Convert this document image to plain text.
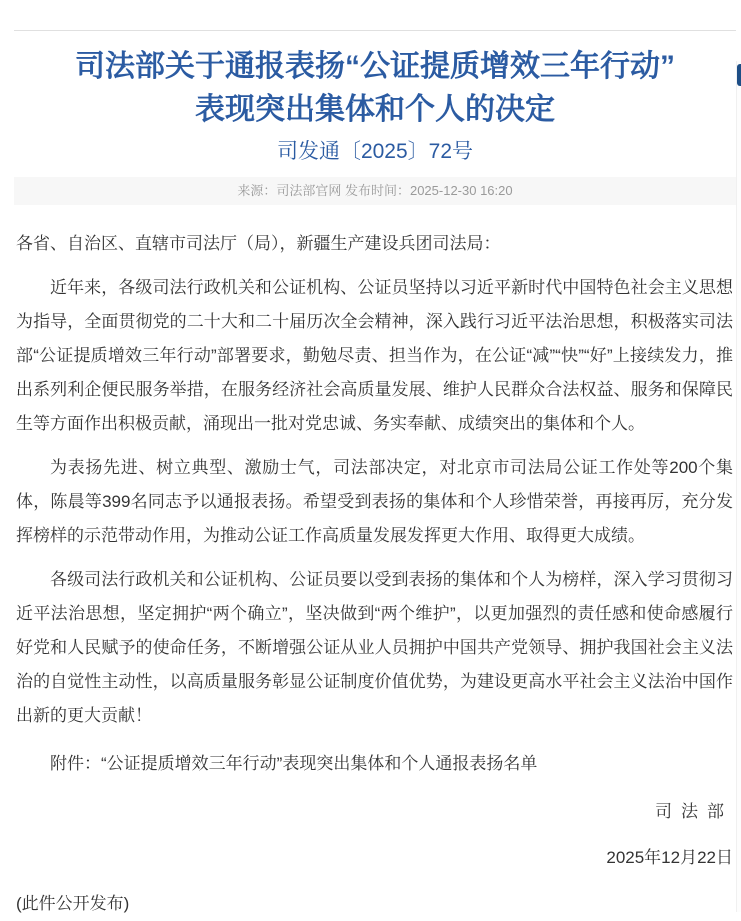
司法部关于通报表扬“公证提质增效三年行动”
表现突出集体和个人的决定
司发通〔2025〕72号
来源：司法部官网 发布时间：2025-12-30 16:20
各省、自治区、直辖市司法厅（局），新疆生产建设兵团司法局：

近年来，各级司法行政机关和公证机构、公证员坚持以习近平新时代中国特色社会主义思想为指导，全面贯彻党的二十大和二十届历次全会精神，深入践行习近平法治思想，积极落实司法部“公证提质增效三年行动”部署要求，勤勉尽责、担当作为，在公证“减”“快”“好”上接续发力，推出系列利企便民服务举措，在服务经济社会高质量发展、维护人民群众合法权益、服务和保障民生等方面作出积极贡献，涌现出一批对党忠诚、务实奉献、成绩突出的集体和个人。

为表扬先进、树立典型、激励士气，司法部决定，对北京市司法局公证工作处等200个集体，陈晨等399名同志予以通报表扬。希望受到表扬的集体和个人珍惜荣誉，再接再厉，充分发挥榜样的示范带动作用，为推动公证工作高质量发展发挥更大作用、取得更大成绩。

各级司法行政机关和公证机构、公证员要以受到表扬的集体和个人为榜样，深入学习贯彻习近平法治思想，坚定拥护“两个确立”，坚决做到“两个维护”，以更加强烈的责任感和使命感履行好党和人民赋予的使命任务，不断增强公证从业人员拥护中国共产党领导、拥护我国社会主义法治的自觉性主动性，以高质量服务彰显公证制度价值优势，为建设更高水平社会主义法治中国作出新的更大贡献！

附件：“公证提质增效三年行动”表现突出集体和个人通报表扬名单
司法部
2025年12月22日
(此件公开发布)
